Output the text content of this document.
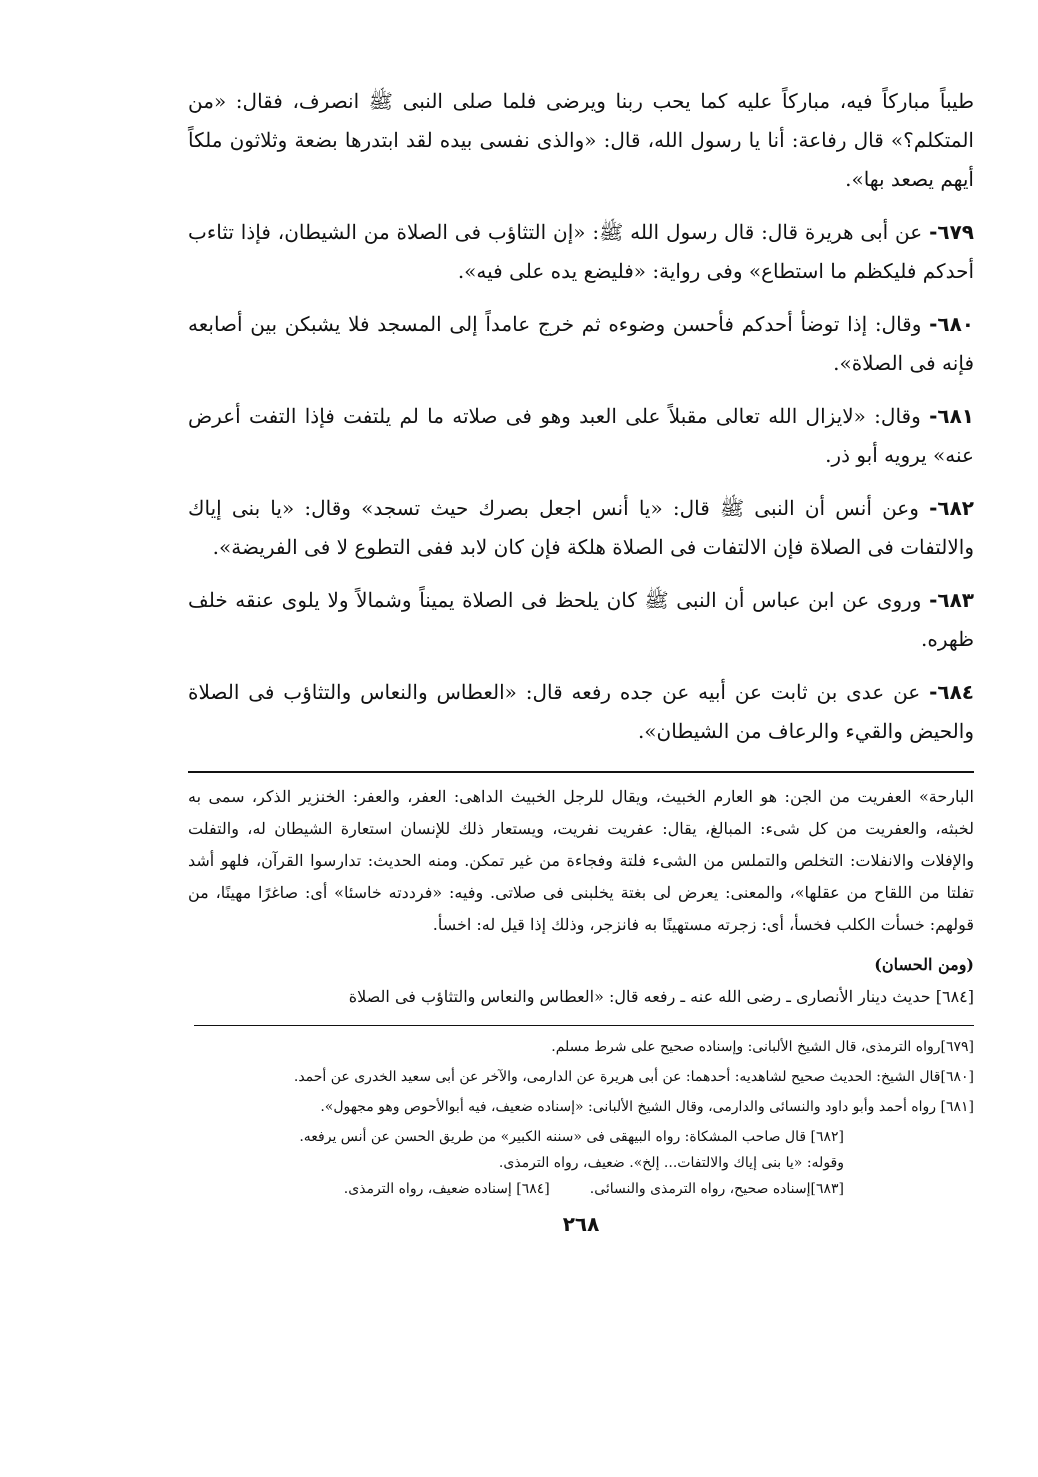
طيباً مباركاً فيه، مباركاً عليه كما يحب ربنا ويرضى فلما صلى النبى ﷺ انصرف، فقال: «من المتكلم؟» قال رفاعة: أنا يا رسول الله، قال: «والذى نفسى بيده لقد ابتدرها بضعة وثلاثون ملكاً أيهم يصعد بها».

٦٧٩- عن أبى هريرة قال: قال رسول الله ﷺ: «إن التثاؤب فى الصلاة من الشيطان، فإذا تثاءب أحدكم فليكظم ما استطاع» وفى رواية: «فليضع يده على فيه».

٦٨٠- وقال: إذا توضأ أحدكم فأحسن وضوءه ثم خرج عامداً إلى المسجد فلا يشبكن بين أصابعه فإنه فى الصلاة».

٦٨١- وقال: «لايزال الله تعالى مقبلاً على العبد وهو فى صلاته ما لم يلتفت فإذا التفت أعرض عنه» يرويه أبو ذر.

٦٨٢- وعن أنس أن النبى ﷺ قال: «يا أنس اجعل بصرك حيث تسجد» وقال: «يا بنى إياك والالتفات فى الصلاة فإن الالتفات فى الصلاة هلكة فإن كان لابد ففى التطوع لا فى الفريضة».

٦٨٣- وروى عن ابن عباس أن النبى ﷺ كان يلحظ فى الصلاة يميناً وشمالاً ولا يلوى عنقه خلف ظهره.

٦٨٤- عن عدى بن ثابت عن أبيه عن جده رفعه قال: «العطاس والنعاس والتثاؤب فى الصلاة والحيض والقيء والرعاف من الشيطان».

البارحة» العفريت من الجن: هو العارم الخبيث، ويقال للرجل الخبيث الداهى: العفر، والعفر: الخنزير الذكر، سمى به لخبثه، والعفريت من كل شىء: المبالغ، يقال: عفريت نفريت، ويستعار ذلك للإنسان استعارة الشيطان له، والتفلت والإفلات والانفلات: التخلص والتملس من الشىء فلتة وفجاءة من غير تمكن. ومنه الحديث: تدارسوا القرآن، فلهو أشد تفلتا من اللقاح من عقلها»، والمعنى: يعرض لى بغتة يخلبنى فى صلاتى. وفيه: «فرددته خاسئا» أى: صاغرًا مهينًا، من قولهم: خسأت الكلب فخسأ، أى: زجرته مستهينًا به فانزجر، وذلك إذا قيل له: اخسأ.

(ومن الحسان)

[٦٨٤] حديث دينار الأنصارى ـ رضى الله عنه ـ رفعه قال: «العطاس والنعاس والتثاؤب فى الصلاة

[٦٧٩]رواه الترمذى، قال الشيخ الألبانى: وإسناده صحيح على شرط مسلم.

[٦٨٠]قال الشيخ: الحديث صحيح لشاهديه: أحدهما: عن أبى هريرة عن الدارمى، والآخر عن أبى سعيد الخدرى عن أحمد.

[٦٨١] رواه أحمد وأبو داود والنسائى والدارمى، وقال الشيخ الألبانى: «إسناده ضعيف، فيه أبوالأحوص وهو مجهول».

[٦٨٢] قال صاحب المشكاة: رواه البيهقى فى «سننه الكبير» من طريق الحسن عن أنس يرفعه.

وقوله: «يا بنى إياك والالتفات... إلخ». ضعيف، رواه الترمذى.

[٦٨٣]إسناده صحيح، رواه الترمذى والنسائى.

[٦٨٤] إسناده ضعيف، رواه الترمذى.

٢٦٨
